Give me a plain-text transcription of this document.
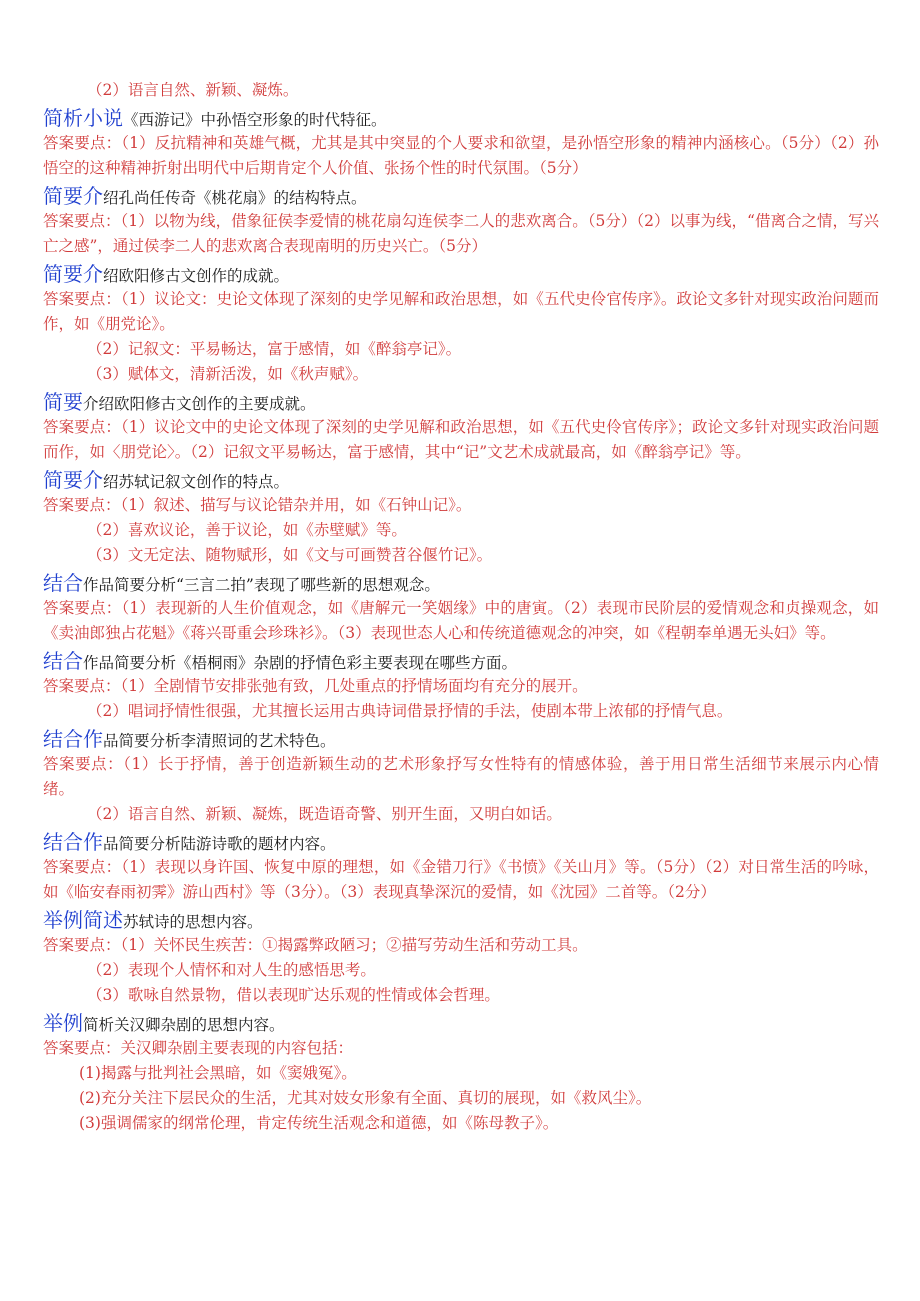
（2）语言自然、新颖、凝炼。
简析小说《西游记》中孙悟空形象的时代特征。
答案要点：（1）反抗精神和英雄气概，尤其是其中突显的个人要求和欲望，是孙悟空形象的精神内涵核心。（5分）（2）孙悟空的这种精神折射出明代中后期肯定个人价值、张扬个性的时代氛围。（5分）
简要介绍孔尚任传奇《桃花扇》的结构特点。
答案要点：（1）以物为线，借象征侯李爱情的桃花扇勾连侯李二人的悲欢离合。（5分）（2）以事为线，“借离合之情，写兴亡之感”，通过侯李二人的悲欢离合表现南明的历史兴亡。（5分）
简要介绍欧阳修古文创作的成就。
答案要点：（1）议论文：史论文体现了深刻的史学见解和政治思想，如《五代史伶官传序》。政论文多针对现实政治问题而作，如《朋党论》。
（2）记叙文：平易畅达，富于感情，如《醉翁亭记》。
（3）赋体文，清新活泼，如《秋声赋》。
简要介绍欧阳修古文创作的主要成就。
答案要点：（1）议论文中的史论文体现了深刻的史学见解和政治思想，如《五代史伶官传序》；政论文多针对现实政治问题而作，如〈朋党论〉。（2）记叙文平易畅达，富于感情，其中“记”文艺术成就最高，如《醉翁亭记》等。
简要介绍苏轼记叙文创作的特点。
答案要点：（1）叙述、描写与议论错杂并用，如《石钟山记》。
（2）喜欢议论，善于议论，如《赤壁赋》等。
（3）文无定法、随物赋形，如《文与可画赞苕谷偃竹记》。
结合作品简要分析“三言二拍”表现了哪些新的思想观念。
答案要点：（1）表现新的人生价值观念，如《唐解元一笑姻缘》中的唐寅。（2）表现市民阶层的爱情观念和贞操观念，如《卖油郎独占花魁》《蒋兴哥重会珍珠衫》。（3）表现世态人心和传统道德观念的冲突，如《程朝奉单遇无头妇》等。
结合作品简要分析《梧桐雨》杂剧的抒情色彩主要表现在哪些方面。
答案要点：（1）全剧情节安排张弛有致，几处重点的抒情场面均有充分的展开。
（2）唱词抒情性很强，尤其擅长运用古典诗词借景抒情的手法，使剧本带上浓郁的抒情气息。
结合作品简要分析李清照词的艺术特色。
答案要点：（1）长于抒情，善于创造新颖生动的艺术形象抒写女性特有的情感体验，善于用日常生活细节来展示内心情绪。
（2）语言自然、新颖、凝炼，既造语奇警、别开生面，又明白如话。
结合作品简要分析陆游诗歌的题材内容。
答案要点：（1）表现以身许国、恢复中原的理想，如《金错刀行》《书愤》《关山月》等。（5分）（2）对日常生活的吟咏，如《临安春雨初霁》游山西村》等（3分）。（3）表现真挚深沉的爱情，如《沈园》二首等。（2分）
举例简述苏轼诗的思想内容。
答案要点：（1）关怀民生疾苦：①揭露弊政陋习；②描写劳动生活和劳动工具。
（2）表现个人情怀和对人生的感悟思考。
（3）歌咏自然景物，借以表现旷达乐观的性情或体会哲理。
举例简析关汉卿杂剧的思想内容。
答案要点：关汉卿杂剧主要表现的内容包括：
(1)揭露与批判社会黑暗，如《窦娥冤》。
(2)充分关注下层民众的生活，尤其对妓女形象有全面、真切的展现，如《救风尘》。
(3)强调儒家的纲常伦理，肯定传统生活观念和道德，如《陈母教子》。
